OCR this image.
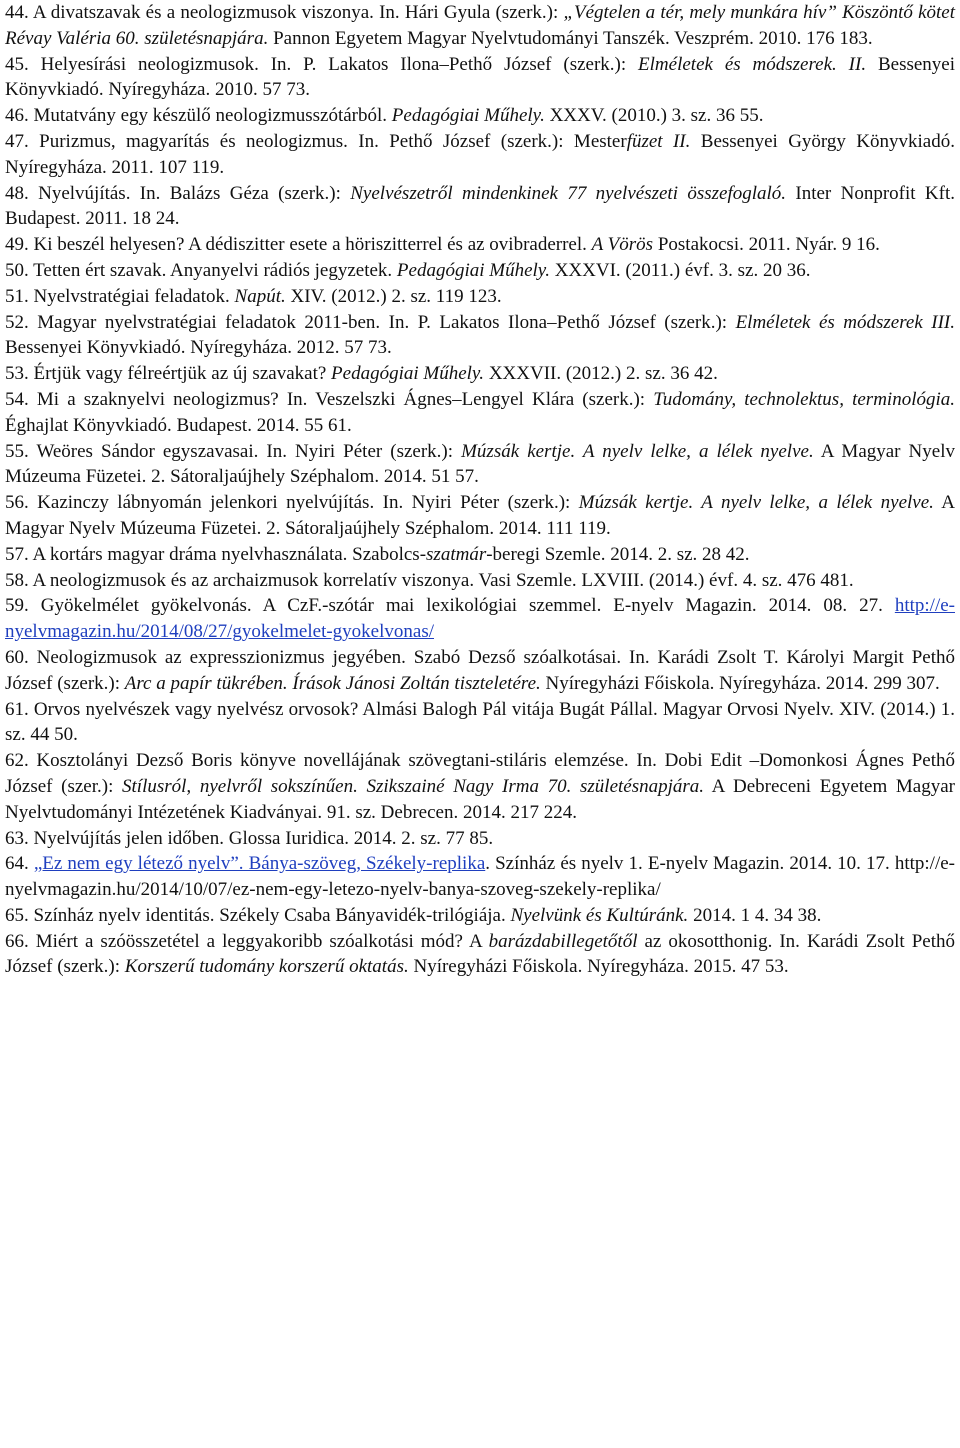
44. A divatszavak és a neologizmusok viszonya. In. Hári Gyula (szerk.): „Végtelen a tér, mely munkára hív” Köszöntő kötet Révay Valéria 60. születésnapjára. Pannon Egyetem Magyar Nyelvtudományi Tanszék. Veszprém. 2010. 176 183.

45. Helyesírási neologizmusok. In. P. Lakatos Ilona–Pethő József (szerk.): Elméletek és módszerek. II. Bessenyei Könyvkiadó. Nyíregyháza. 2010. 57 73.

46. Mutatvány egy készülő neologizmusszótárból. Pedagógiai Műhely. XXXV. (2010.) 3. sz. 36 55.

47. Purizmus, magyarítás és neologizmus. In. Pethő József (szerk.): Mesterfüzet II. Bessenyei György Könyvkiadó. Nyíregyháza. 2011. 107 119.

48. Nyelvújítás. In. Balázs Géza (szerk.): Nyelvészetről mindenkinek 77 nyelvészeti összefoglaló. Inter Nonprofit Kft. Budapest. 2011. 18 24.

49. Ki beszél helyesen? A dédiszitter esete a höriszitterrel és az ovibraderrel. A Vörös Postakocsi. 2011. Nyár. 9 16.

50. Tetten ért szavak. Anyanyelvi rádiós jegyzetek. Pedagógiai Műhely. XXXVI. (2011.) évf. 3. sz. 20 36.

51. Nyelvstratégiai feladatok. Napút. XIV. (2012.) 2. sz. 119 123.

52. Magyar nyelvstratégiai feladatok 2011-ben. In. P. Lakatos Ilona–Pethő József (szerk.): Elméletek és módszerek III. Bessenyei Könyvkiadó. Nyíregyháza. 2012. 57 73.

53. Értjük vagy félreértjük az új szavakat? Pedagógiai Műhely. XXXVII. (2012.) 2. sz. 36 42.

54. Mi a szaknyelvi neologizmus? In. Veszelszki Ágnes–Lengyel Klára (szerk.): Tudomány, technolektus, terminológia. Éghajlat Könyvkiadó. Budapest. 2014. 55 61.

55. Weöres Sándor egyszavasai. In. Nyiri Péter (szerk.): Múzsák kertje. A nyelv lelke, a lélek nyelve. A Magyar Nyelv Múzeuma Füzetei. 2. Sátoraljaújhely Széphalom. 2014. 51 57.

56. Kazinczy lábnyomán jelenkori nyelvújítás. In. Nyiri Péter (szerk.): Múzsák kertje. A nyelv lelke, a lélek nyelve. A Magyar Nyelv Múzeuma Füzetei. 2. Sátoraljaújhely Széphalom. 2014. 111 119.

57. A kortárs magyar dráma nyelvhasználata. Szabolcs-szatmár-beregi Szemle. 2014. 2. sz. 28 42.

58. A neologizmusok és az archaizmusok korrelatív viszonya. Vasi Szemle. LXVIII. (2014.) évf. 4. sz. 476 481.

59. Gyökelmélet gyökelvonás. A CzF.-szótár mai lexikológiai szemmel. E-nyelv Magazin. 2014. 08. 27. http://e-nyelvmagazin.hu/2014/08/27/gyokelmelet-gyokelvonas/

60. Neologizmusok az expresszionizmus jegyében. Szabó Dezső szóalkotásai. In. Karádi Zsolt T. Károlyi Margit Pethő József (szerk.): Arc a papír tükrében. Írások Jánosi Zoltán tiszteletére. Nyíregyházi Főiskola. Nyíregyháza. 2014. 299 307.

61. Orvos nyelvészek vagy nyelvész orvosok? Almási Balogh Pál vitája Bugát Pállal. Magyar Orvosi Nyelv. XIV. (2014.) 1. sz. 44 50.

62. Kosztolányi Dezső Boris könyve novellájának szövegtani-stiláris elemzése. In. Dobi Edit –Domonkosi Ágnes Pethő József (szer.): Stílusról, nyelvről sokszínűen. Szikszainé Nagy Irma 70. születésnapjára. A Debreceni Egyetem Magyar Nyelvtudományi Intézetének Kiadványai. 91. sz. Debrecen. 2014. 217 224.

63. Nyelvújítás jelen időben. Glossa Iuridica. 2014. 2. sz. 77 85.

64. „Ez nem egy létező nyelv”. Bánya-szöveg, Székely-replika. Színház és nyelv 1. E-nyelv Magazin. 2014. 10. 17. http://e-nyelvmagazin.hu/2014/10/07/ez-nem-egy-letezo-nyelv-banya-szoveg-szekely-replika/

65. Színház nyelv identitás. Székely Csaba Bányavidék-trilógiája. Nyelvünk és Kultúránk. 2014. 1 4. 34 38.

66. Miért a szóösszetétel a leggyakoribb szóalkotási mód? A barázdabillegetőtől az okosotthonig. In. Karádi Zsolt Pethő József (szerk.): Korszerű tudomány korszerű oktatás. Nyíregyházi Főiskola. Nyíregyháza. 2015. 47 53.
